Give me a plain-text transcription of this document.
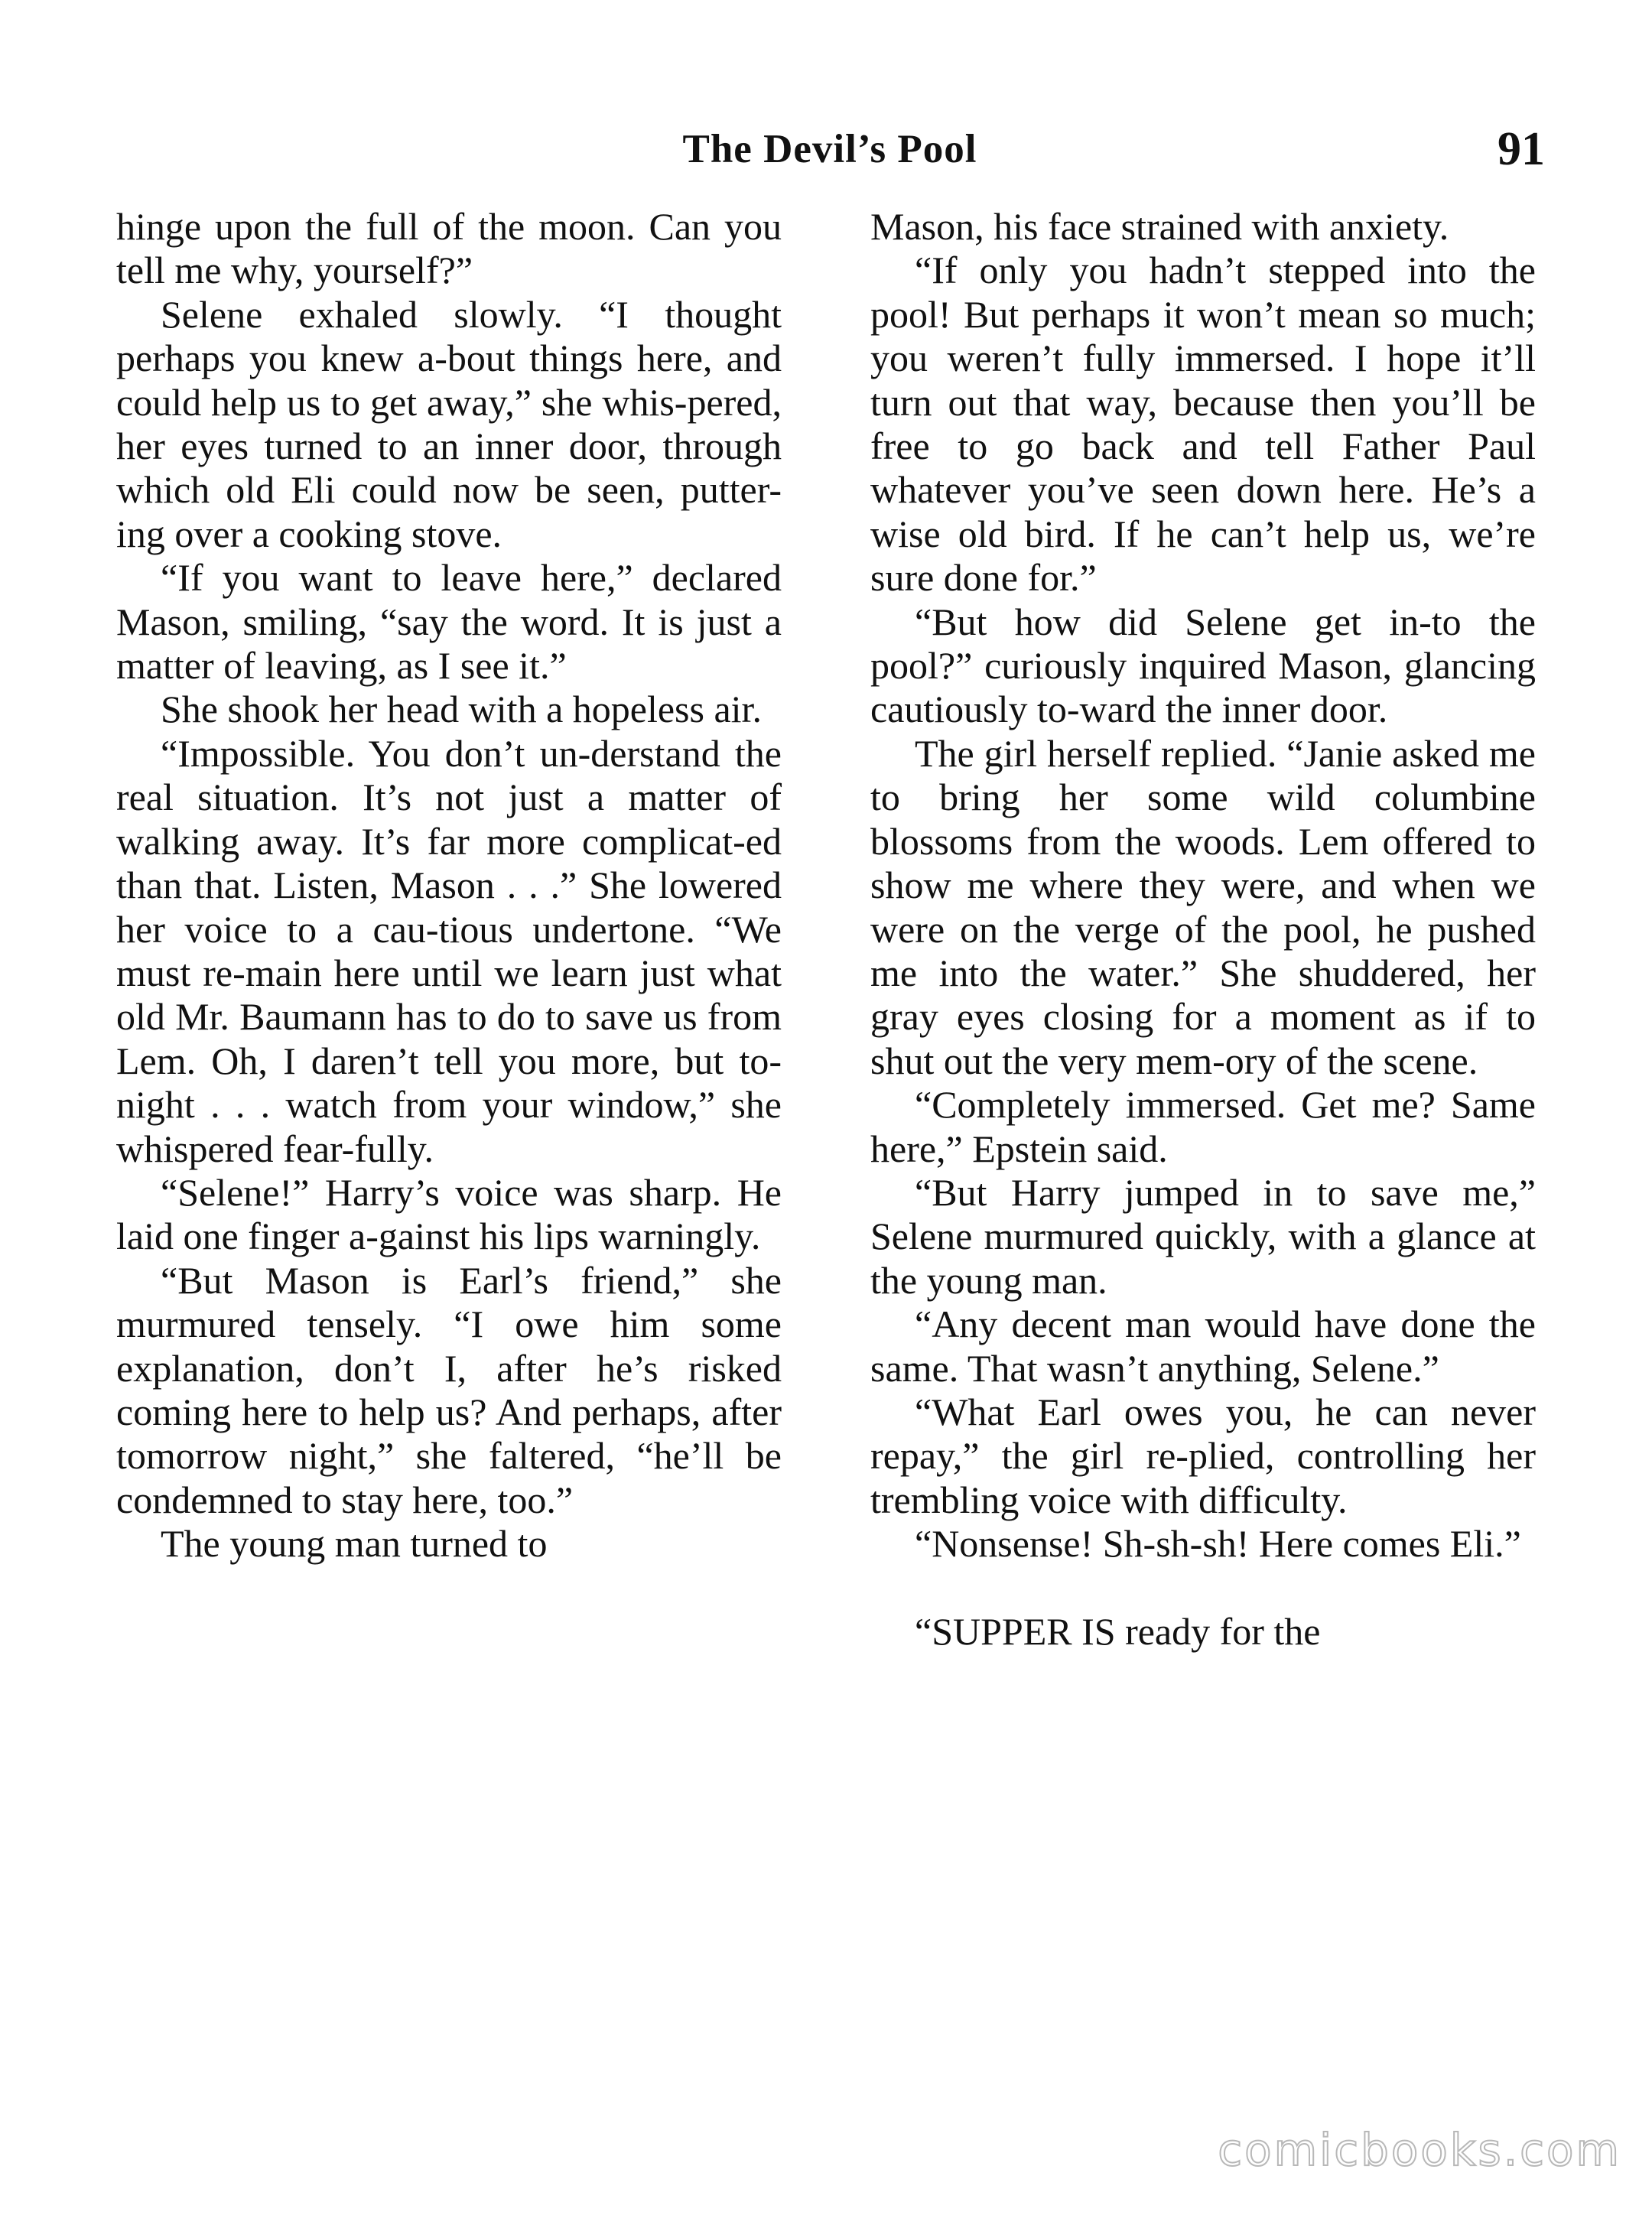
The Devil’s Pool	91

hinge upon the full of the moon. Can you tell me why, yourself?”

Selene exhaled slowly. “I thought perhaps you knew a-bout things here, and could help us to get away,” she whis-pered, her eyes turned to an inner door, through which old Eli could now be seen, putter-ing over a cooking stove.

“If you want to leave here,” declared Mason, smiling, “say the word. It is just a matter of leaving, as I see it.”

She shook her head with a hopeless air.

“Impossible. You don’t un-derstand the real situation. It’s not just a matter of walking away. It’s far more complicat-ed than that. Listen, Mason . . .” She lowered her voice to a cau-tious undertone. “We must re-main here until we learn just what old Mr. Baumann has to do to save us from Lem. Oh, I daren’t tell you more, but to-night . . . watch from your window,” she whispered fear-fully.

“Selene!” Harry’s voice was sharp. He laid one finger a-gainst his lips warningly.

“But Mason is Earl’s friend,” she murmured tensely. “I owe him some explanation, don’t I, after he’s risked coming here to help us? And perhaps, after tomorrow night,” she faltered, “he’ll be condemned to stay here, too.”

The young man turned to

Mason, his face strained with anxiety.

“If only you hadn’t stepped into the pool! But perhaps it won’t mean so much; you weren’t fully immersed. I hope it’ll turn out that way, because then you’ll be free to go back and tell Father Paul whatever you’ve seen down here. He’s a wise old bird. If he can’t help us, we’re sure done for.”

“But how did Selene get in-to the pool?” curiously inquired Mason, glancing cautiously to-ward the inner door.

The girl herself replied. “Janie asked me to bring her some wild columbine blossoms from the woods. Lem offered to show me where they were, and when we were on the verge of the pool, he pushed me into the water.” She shuddered, her gray eyes closing for a moment as if to shut out the very mem-ory of the scene.

“Completely immersed. Get me? Same here,” Epstein said.

“But Harry jumped in to save me,” Selene murmured quickly, with a glance at the young man.

“Any decent man would have done the same. That wasn’t anything, Selene.”

“What Earl owes you, he can never repay,” the girl re-plied, controlling her trembling voice with difficulty.

“Nonsense! Sh-sh-sh! Here comes Eli.”

“SUPPER IS ready for the

comicbooks.com
